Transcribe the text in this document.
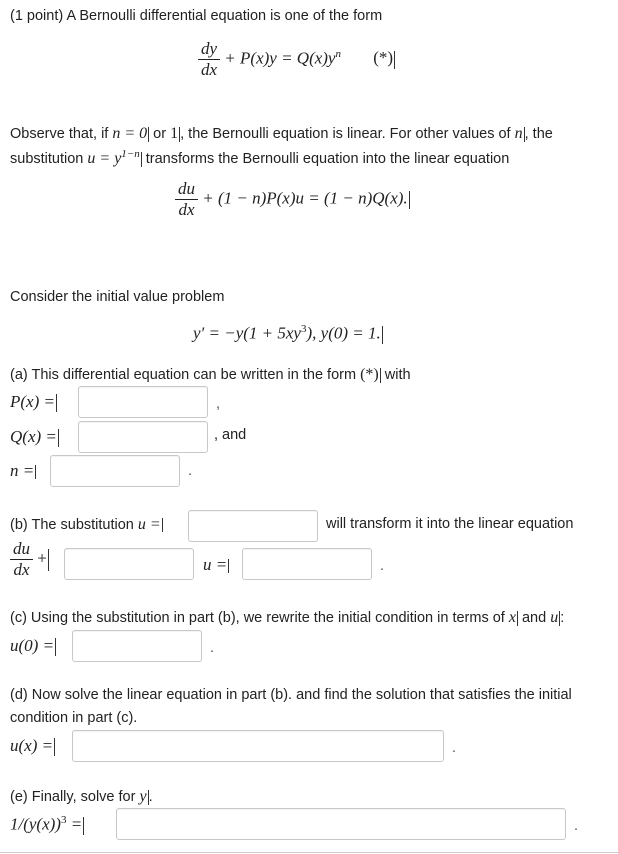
(1 point) A Bernoulli differential equation is one of the form
$\frac{dy}{dx} + P(x)y = Q(x)y^n$ (*)
Observe that, if n = 0 or 1 , the Bernoulli equation is linear. For other values of n , the
substitution $u = y^{1-n}$ transforms the Bernoulli equation into the linear equation
$\frac{du}{dx} + (1 - n)P(x)u = (1 - n)Q(x)$.
Consider the initial value problem
$y' = -y(1 + 5xy^3)$, y(0) = 1.
(a) This differential equation can be written in the form (*) with
P(x) =	,
Q(x) =	, and
n =	.
(b) The substitution u =	will transform it into the linear equation
$\frac{du}{dx}$ +	u =	.
(c) Using the substitution in part (b), we rewrite the initial condition in terms of x and u :
u(0) =	.
(d) Now solve the linear equation in part (b). and find the solution that satisfies the initial
condition in part (c).
u(x) =	.
(e) Finally, solve for y .
$1/(y(x))^3$ =	.
